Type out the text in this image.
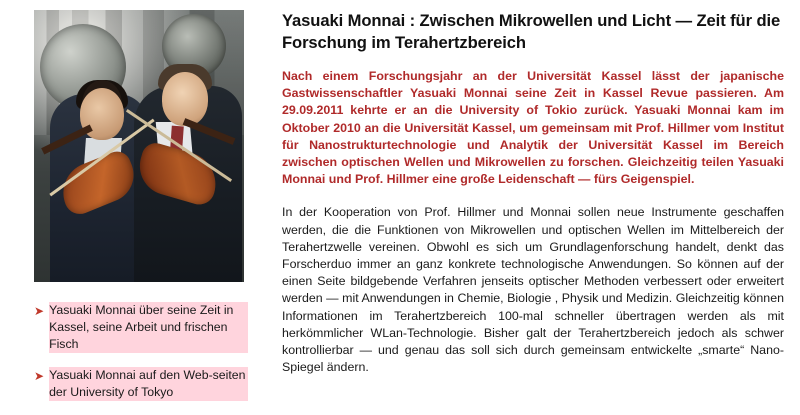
➤ Yasuaki Monnai über seine Zeit in Kassel, seine Arbeit und frischen Fisch
➤ Yasuaki Monnai auf den Web-seiten der University of Tokyo
Yasuaki Monnai : Zwischen Mikrowellen und Licht — Zeit für die Forschung im Terahertzbereich

Nach einem Forschungsjahr an der Universität Kassel lässt der japanische Gastwissenschaftler Yasuaki Monnai seine Zeit in Kassel Revue passieren. Am 29.09.2011 kehrte er an die University of Tokio zurück. Yasuaki Monnai kam im Oktober 2010 an die Universität Kassel, um gemeinsam mit Prof. Hillmer vom Institut für Nanostrukturtechnologie und Analytik der Universität Kassel im Bereich zwischen optischen Wellen und Mikrowellen zu forschen. Gleichzeitig teilen Yasuaki Monnai und Prof. Hillmer eine große Leidenschaft — fürs Geigenspiel.

In der Kooperation von Prof. Hillmer und Monnai sollen neue Instrumente geschaffen werden, die die Funktionen von Mikrowellen und optischen Wellen im Mittelbereich der Terahertzwelle vereinen. Obwohl es sich um Grundlagenforschung handelt, denkt das Forscherduo immer an ganz konkrete technologische Anwendungen. So können auf der einen Seite bildgebende Verfahren jenseits optischer Methoden verbessert oder erweitert werden — mit Anwendungen in Chemie, Biologie , Physik und Medizin. Gleichzeitig können Informationen im Terahertzbereich 100-mal schneller übertragen werden als mit herkömmlicher WLan-Technologie. Bisher galt der Terahertzbereich jedoch als schwer kontrollierbar — und genau das soll sich durch gemeinsam entwickelte „smarte“ Nano-Spiegel ändern.
